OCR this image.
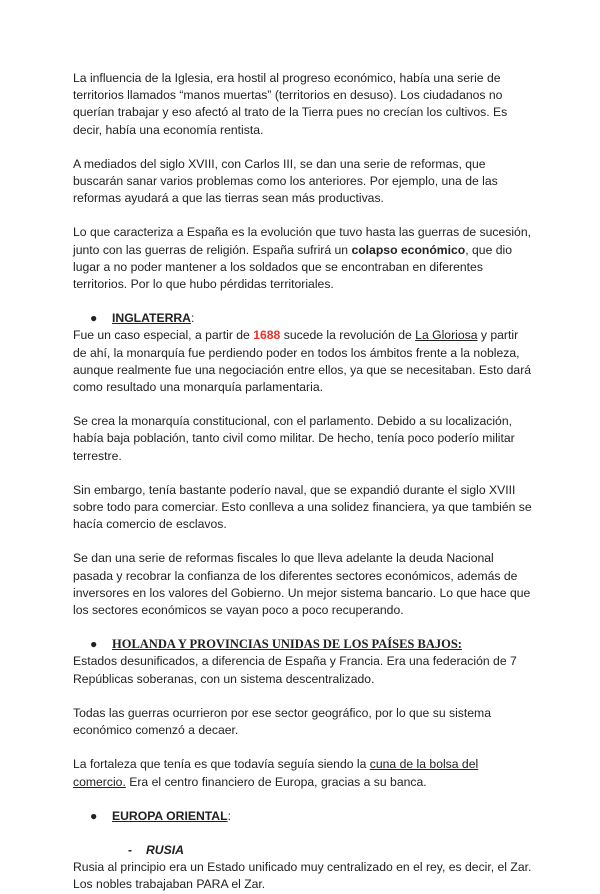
La influencia de la Iglesia, era hostil al progreso económico, había una serie de territorios llamados “manos muertas” (territorios en desuso). Los ciudadanos no querían trabajar y eso afectó al trato de la Tierra pues no crecían los cultivos. Es decir, había una economía rentista.

A mediados del siglo XVIII, con Carlos III, se dan una serie de reformas, que buscarán sanar varios problemas como los anteriores. Por ejemplo, una de las reformas ayudará a que las tierras sean más productivas.

Lo que caracteriza a España es la evolución que tuvo hasta las guerras de sucesión, junto con las guerras de religión. España sufrirá un colapso económico, que dio lugar a no poder mantener a los soldados que se encontraban en diferentes territorios. Por lo que hubo pérdidas territoriales.

●	INGLATERRA:

Fue un caso especial, a partir de 1688 sucede la revolución de La Gloriosa y partir de ahí, la monarquía fue perdiendo poder en todos los ámbitos frente a la nobleza, aunque realmente fue una negociación entre ellos, ya que se necesitaban. Esto dará como resultado una monarquía parlamentaria.

Se crea la monarquía constitucional, con el parlamento. Debido a su localización, había baja población, tanto civil como militar. De hecho, tenía poco poderío militar terrestre.

Sin embargo, tenía bastante poderío naval, que se expandió durante el siglo XVIII sobre todo para comerciar. Esto conlleva a una solidez financiera, ya que también se hacía comercio de esclavos.

Se dan una serie de reformas fiscales lo que lleva adelante la deuda Nacional pasada y recobrar la confianza de los diferentes sectores económicos, además de inversores en los valores del Gobierno. Un mejor sistema bancario. Lo que hace que los sectores económicos se vayan poco a poco recuperando.

●	HOLANDA Y PROVINCIAS UNIDAS DE LOS PAÍSES BAJOS:

Estados desunificados, a diferencia de España y Francia. Era una federación de 7 Repúblicas soberanas, con un sistema descentralizado.

Todas las guerras ocurrieron por ese sector geográfico, por lo que su sistema económico comenzó a decaer.

La fortaleza que tenía es que todavía seguía siendo la cuna de la bolsa del comercio. Era el centro financiero de Europa, gracias a su banca.

●	EUROPA ORIENTAL:
-	RUSIA

Rusia al principio era un Estado unificado muy centralizado en el rey, es decir, el Zar. Los nobles trabajaban PARA el Zar.
